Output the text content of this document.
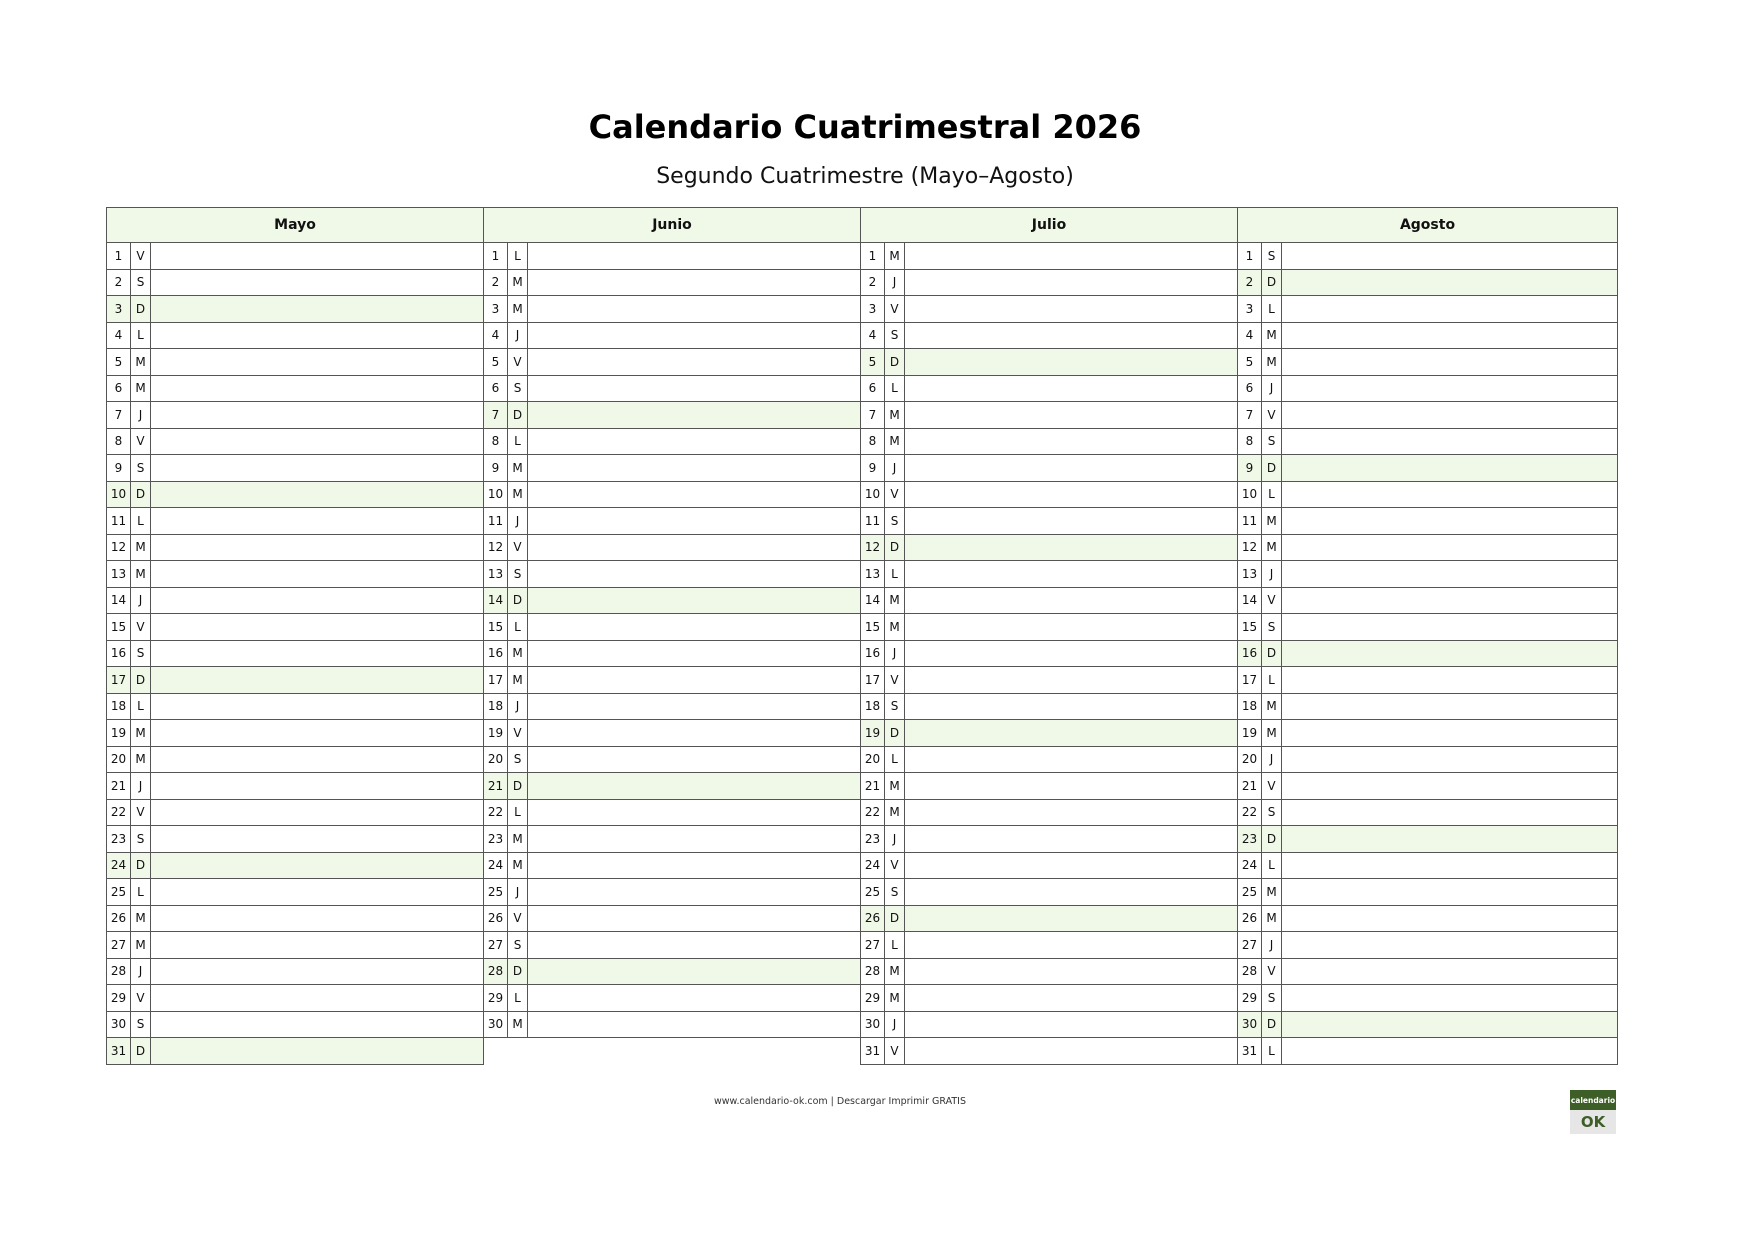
Calendario Cuatrimestral 2026
Segundo Cuatrimestre (Mayo–Agosto)
Mayo
1	V
2	S
3	D
4	L
5	M
6	M
7	J
8	V
9	S
10 D
11 L
12 M
13 M
14	J
15 V
16 S
17 D
18 L
19 M
20 M
21	J
22 V
23 S
24 D
25 L
26 M
27 M
28	J
29 V
30 S
31 D
Junio
1	L
2	M
3	M
4	J
5	V
6	S
7	D
8	L
9	M
10 M
11	J
12 V
13 S
14 D
15 L
16 M
17 M
18	J
19 V
20 S
21 D
22 L
23 M
24 M
25	J
26 V
27 S
28 D
29 L
30 M
Julio
1	M
2	J
3	V
4	S
5	D
6	L
7	M
8	M
9	J
10 V
11 S
12 D
13 L
14 M
15 M
16	J
17 V
18 S
19 D
20 L
21 M
22 M
23	J
24 V
25 S
26 D
27 L
28 M
29 M
30	J
31 V
Agosto
1	S
2	D
3	L
4	M
5	M
6	J
7	V
8	S
9	D
10 L
11 M
12 M
13	J
14 V
15 S
16 D
17 L
18 M
19 M
20	J
21 V
22 S
23 D
24 L
25 M
26 M
27	J
28 V
29 S
30 D
31 L
www.calendario-ok.com | Descargar Imprimir GRATIS	calendario
OK
